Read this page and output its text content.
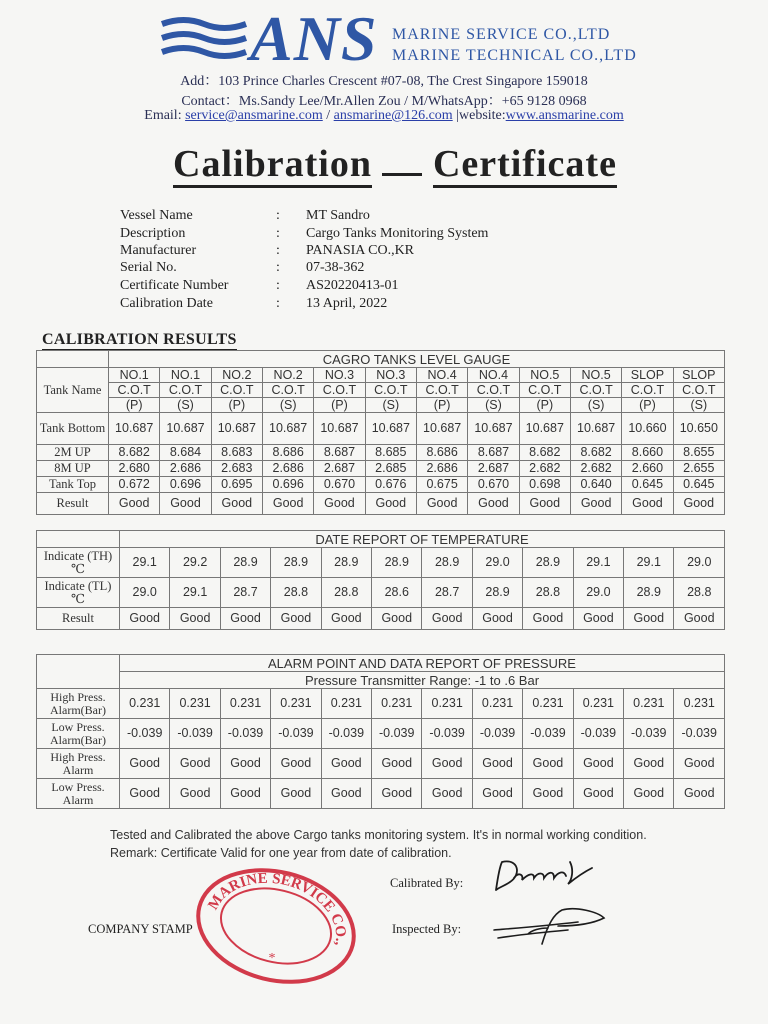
ANS MARINE SERVICE CO.,LTD
MARINE TECHNICAL CO.,LTD
Add：103 Prince Charles Crescent #07-08, The Crest Singapore 159018
Contact：Ms.Sandy Lee/Mr.Allen Zou / M/WhatsApp：+65 9128 0968
Email: service@ansmarine.com / ansmarine@126.com |website:www.ansmarine.com
Calibration Certificate
Vessel Name	: MT Sandro
Description	: Cargo Tanks Monitoring System
Manufacturer	: PANASIA CO.,KR
Serial No.	: 07-38-362
Certificate Number	: AS20220413-01
Calibration Date	: 13 April, 2022
CALIBRATION RESULTS
	CAGRO TANKS LEVEL GAUGE											
Tank Name	NO.1	NO.1	NO.2	NO.2	NO.3	NO.3	NO.4	NO.4	NO.5	NO.5	SLOP	SLOP
	C.O.T	C.O.T	C.O.T	C.O.T	C.O.T	C.O.T	C.O.T	C.O.T	C.O.T	C.O.T	C.O.T	C.O.T
	(P)	(S)	(P)	(S)	(P)	(S)	(P)	(S)	(P)	(S)	(P)	(S)
Tank Bottom	10.687	10.687	10.687	10.687	10.687	10.687	10.687	10.687	10.687	10.687	10.660	10.650
2M UP	8.682	8.684	8.683	8.686	8.687	8.685	8.686	8.687	8.682	8.682	8.660	8.655
8M UP	2.680	2.686	2.683	2.686	2.687	2.685	2.686	2.687	2.682	2.682	2.660	2.655
Tank Top	0.672	0.696	0.695	0.696	0.670	0.676	0.675	0.670	0.698	0.640	0.645	0.645
Result	Good	Good	Good	Good	Good	Good	Good	Good	Good	Good	Good	Good
	DATE REPORT OF TEMPERATURE											
Indicate (TH) ℃	29.1	29.2	28.9	28.9	28.9	28.9	28.9	29.0	28.9	29.1	29.1	29.0
Indicate (TL) ℃	29.0	29.1	28.7	28.8	28.8	28.6	28.7	28.9	28.8	29.0	28.9	28.8
Result	Good	Good	Good	Good	Good	Good	Good	Good	Good	Good	Good	Good
	ALARM POINT AND DATA REPORT OF PRESSURE											
	Pressure Transmitter Range: -1 to .6 Bar											
High Press. Alarm(Bar)	0.231	0.231	0.231	0.231	0.231	0.231	0.231	0.231	0.231	0.231	0.231	0.231
Low Press. Alarm(Bar)	-0.039	-0.039	-0.039	-0.039	-0.039	-0.039	-0.039	-0.039	-0.039	-0.039	-0.039	-0.039
High Press. Alarm	Good	Good	Good	Good	Good	Good	Good	Good	Good	Good	Good	Good
Low Press. Alarm	Good	Good	Good	Good	Good	Good	Good	Good	Good	Good	Good	Good
Tested and Calibrated the above Cargo tanks monitoring system. It's in normal working condition.
Remark: Certificate Valid for one year from date of calibration.
COMPANY STAMP
MARINE SERVICE CO.,LTD
*
Calibrated By:
Inspected By:
